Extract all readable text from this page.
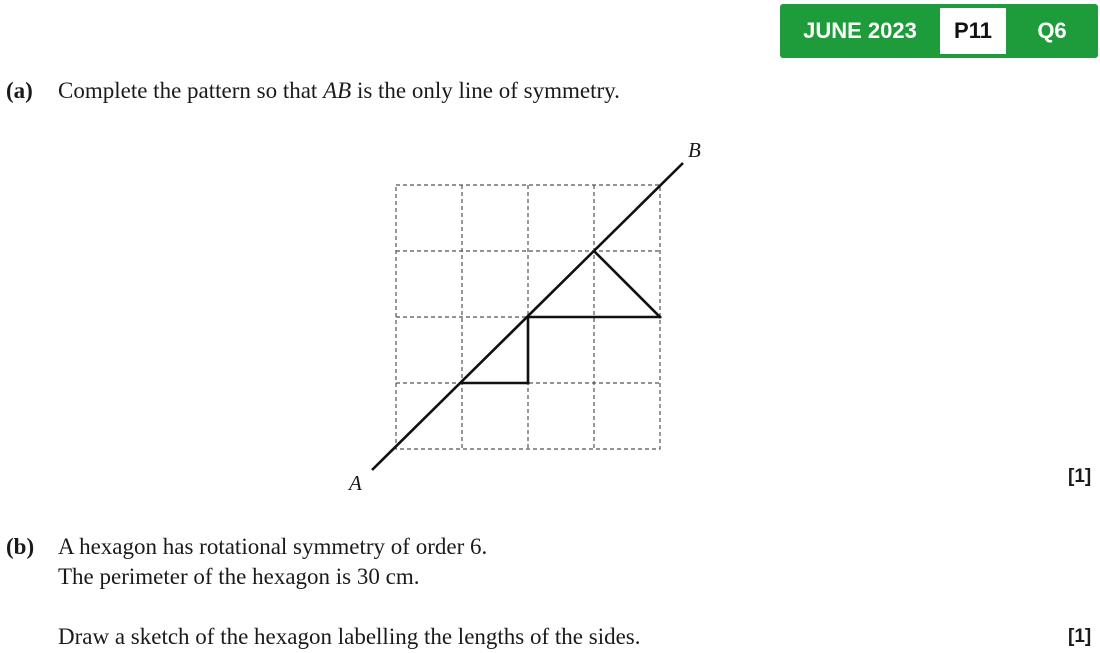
JUNE 2023	P11	Q6
(a) Complete the pattern so that AB is the only line of symmetry.
B
A	[1]
(b) A hexagon has rotational symmetry of order 6.
The perimeter of the hexagon is 30 cm.
Draw a sketch of the hexagon labelling the lengths of the sides.	[1]
